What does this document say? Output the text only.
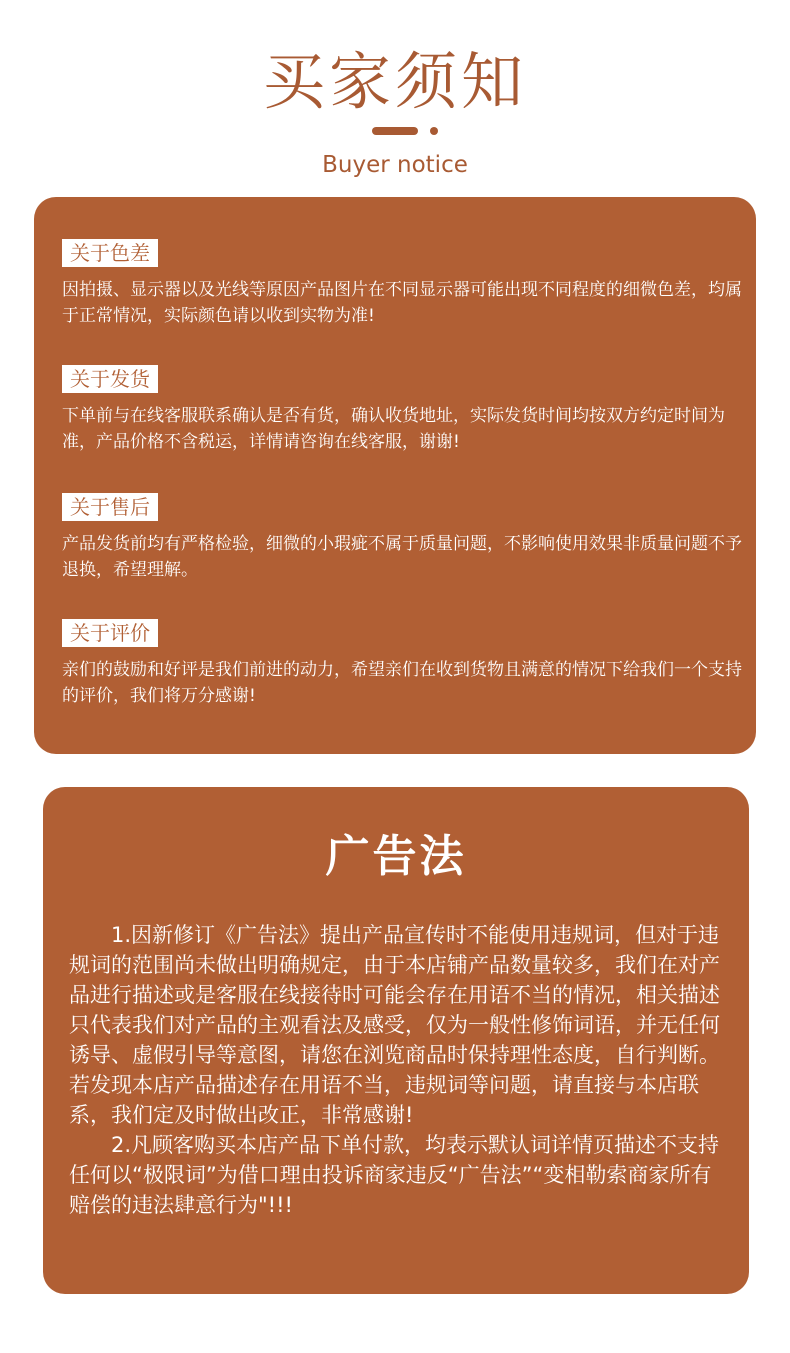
买家须知
Buyer notice
关于色差
因拍摄、显示器以及光线等原因产品图片在不同显示器可能出现不同程度的细微色差，均属于正常情况，实际颜色请以收到实物为准!
关于发货
下单前与在线客服联系确认是否有货，确认收货地址，实际发货时间均按双方约定时间为准，产品价格不含税运，详情请咨询在线客服，谢谢!
关于售后
产品发货前均有严格检验，细微的小瑕疵不属于质量问题，不影响使用效果非质量问题不予退换，希望理解。
关于评价
亲们的鼓励和好评是我们前进的动力，希望亲们在收到货物且满意的情况下给我们一个支持的评价，我们将万分感谢!
广告法

1.因新修订《广告法》提出产品宣传时不能使用违规词，但对于违规词的范围尚未做出明确规定，由于本店铺产品数量较多，我们在对产品进行描述或是客服在线接待时可能会存在用语不当的情况，相关描述只代表我们对产品的主观看法及感受，仅为一般性修饰词语，并无任何诱导、虚假引导等意图，请您在浏览商品时保持理性态度，自行判断。若发现本店产品描述存在用语不当，违规词等问题，请直接与本店联系，我们定及时做出改正，非常感谢!

2.凡顾客购买本店产品下单付款，均表示默认词详情页描述不支持任何以“极限词”为借口理由投诉商家违反“广告法”“变相勒索商家所有赔偿的违法肆意行为"!!!
